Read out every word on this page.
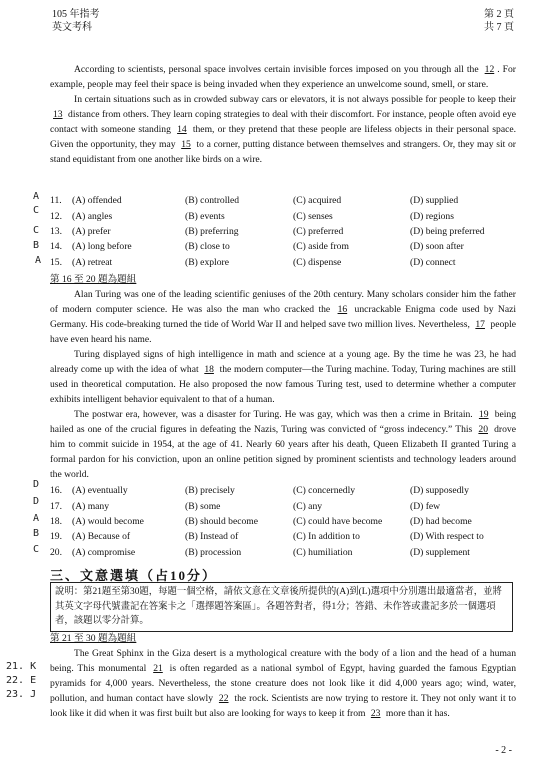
105 年指考
英文考科
第 2 頁
共 7 頁

According to scientists, personal space involves certain invisible forces imposed on you through all the 12 . For example, people may feel their space is being invaded when they experience an unwelcome sound, smell, or stare.

In certain situations such as in crowded subway cars or elevators, it is not always possible for people to keep their 13 distance from others. They learn coping strategies to deal with their discomfort. For instance, people often avoid eye contact with someone standing 14 them, or they pretend that these people are lifeless objects in their personal space. Given the opportunity, they may 15 to a corner, putting distance between themselves and strangers. Or, they may sit or stand equidistant from one another like birds on a wire.

11.	(A) offended	(B) controlled	(C) acquired	(D) supplied
12.	(A) angles	(B) events	(C) senses	(D) regions
13.	(A) prefer	(B) preferring	(C) preferred	(D) being preferred
14.	(A) long before	(B) close to	(C) aside from	(D) soon after
15.	(A) retreat	(B) explore	(C) dispense	(D) connect
A
C
C
B
A

第 16 至 20 題為題組

Alan Turing was one of the leading scientific geniuses of the 20th century. Many scholars consider him the father of modern computer science. He was also the man who cracked the 16 uncrackable Enigma code used by Nazi Germany. His code-breaking turned the tide of World War II and helped save two million lives. Nevertheless, 17 people have even heard his name.

Turing displayed signs of high intelligence in math and science at a young age. By the time he was 23, he had already come up with the idea of what 18 the modern computer—the Turing machine. Today, Turing machines are still used in theoretical computation. He also proposed the now famous Turing test, used to determine whether a computer exhibits intelligent behavior equivalent to that of a human.

The postwar era, however, was a disaster for Turing. He was gay, which was then a crime in Britain. 19 being hailed as one of the crucial figures in defeating the Nazis, Turing was convicted of “gross indecency.” This 20 drove him to commit suicide in 1954, at the age of 41. Nearly 60 years after his death, Queen Elizabeth II granted Turing a formal pardon for his conviction, upon an online petition signed by prominent scientists and technology leaders around the world.

16.	(A) eventually	(B) precisely	(C) concernedly	(D) supposedly
17.	(A) many	(B) some	(C) any	(D) few
18.	(A) would become	(B) should become	(C) could have become	(D) had become
19.	(A) Because of	(B) Instead of	(C) In addition to	(D) With respect to
20.	(A) compromise	(B) procession	(C) humiliation	(D) supplement
D
D
A
B
C
三、文意選填（占10分）
說明：第21題至第30題，每題一個空格，請依文意在文章後所提供的(A)到(L)選項中分別選出最適當者，並將其英文字母代號畫記在答案卡之「選擇題答案區」。各題答對者，得1分；答錯、未作答或畫記多於一個選項者，該題以零分計算。

第 21 至 30 題為題組

The Great Sphinx in the Giza desert is a mythological creature with the body of a lion and the head of a human being. This monumental 21 is often regarded as a national symbol of Egypt, having guarded the famous Egyptian pyramids for 4,000 years. Nevertheless, the stone creature does not look like it did 4,000 years ago; wind, water, pollution, and human contact have slowly 22 the rock. Scientists are now trying to restore it. They not only want it to look like it did when it was first built but also are looking for ways to keep it from 23 more than it has.

21. K
22. E
23. J
- 2 -
